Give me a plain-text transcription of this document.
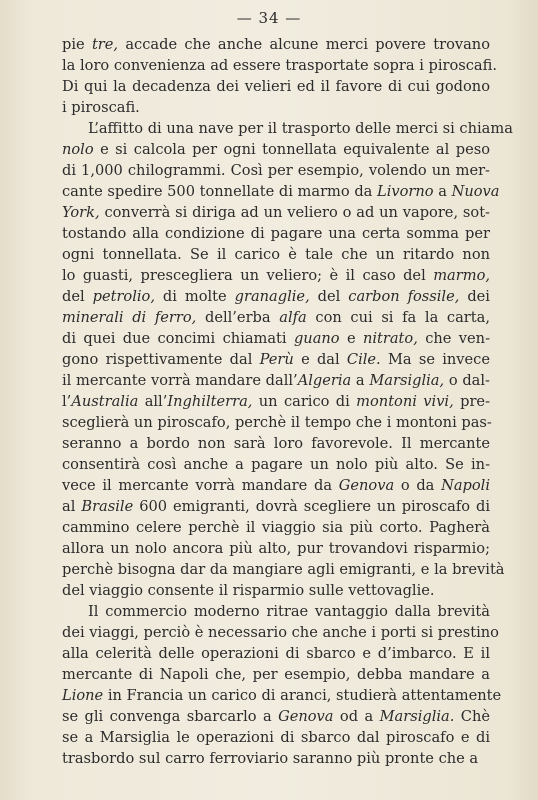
— 34 —

pie tre, accade che anche alcune merci povere trovano
la loro convenienza ad essere trasportate sopra i piroscafi.
Di qui la decadenza dei velieri ed il favore di cui godono
i piroscafi.

L’affitto di una nave per il trasporto delle merci si chiama
nolo e si calcola per ogni tonnellata equivalente al peso
di 1,000 chilogrammi. Così per esempio, volendo un mer-
cante spedire 500 tonnellate di marmo da Livorno a Nuova
York, converrà si diriga ad un veliero o ad un vapore, sot-
tostando alla condizione di pagare una certa somma per
ogni tonnellata. Se il carico è tale che un ritardo non
lo guasti, prescegliera un veliero; è il caso del marmo,
del petrolio, di molte granaglie, del carbon fossile, dei
minerali di ferro, dell’erba alfa con cui si fa la carta,
di quei due concimi chiamati guano e nitrato, che ven-
gono rispettivamente dal Perù e dal Cile. Ma se invece
il mercante vorrà mandare dall’Algeria a Marsiglia, o dal-
l’Australia all’Inghilterra, un carico di montoni vivi, pre-
sceglierà un piroscafo, perchè il tempo che i montoni pas-
seranno a bordo non sarà loro favorevole. Il mercante
consentirà così anche a pagare un nolo più alto. Se in-
vece il mercante vorrà mandare da Genova o da Napoli
al Brasile 600 emigranti, dovrà scegliere un piroscafo di
cammino celere perchè il viaggio sia più corto. Pagherà
allora un nolo ancora più alto, pur trovandovi risparmio;
perchè bisogna dar da mangiare agli emigranti, e la brevità
del viaggio consente il risparmio sulle vettovaglie.

Il commercio moderno ritrae vantaggio dalla brevità
dei viaggi, perciò è necessario che anche i porti si prestino
alla celerità delle operazioni di sbarco e d’imbarco. E il
mercante di Napoli che, per esempio, debba mandare a
Lione in Francia un carico di aranci, studierà attentamente
se gli convenga sbarcarlo a Genova od a Marsiglia. Chè
se a Marsiglia le operazioni di sbarco dal piroscafo e di
trasbordo sul carro ferroviario saranno più pronte che a
